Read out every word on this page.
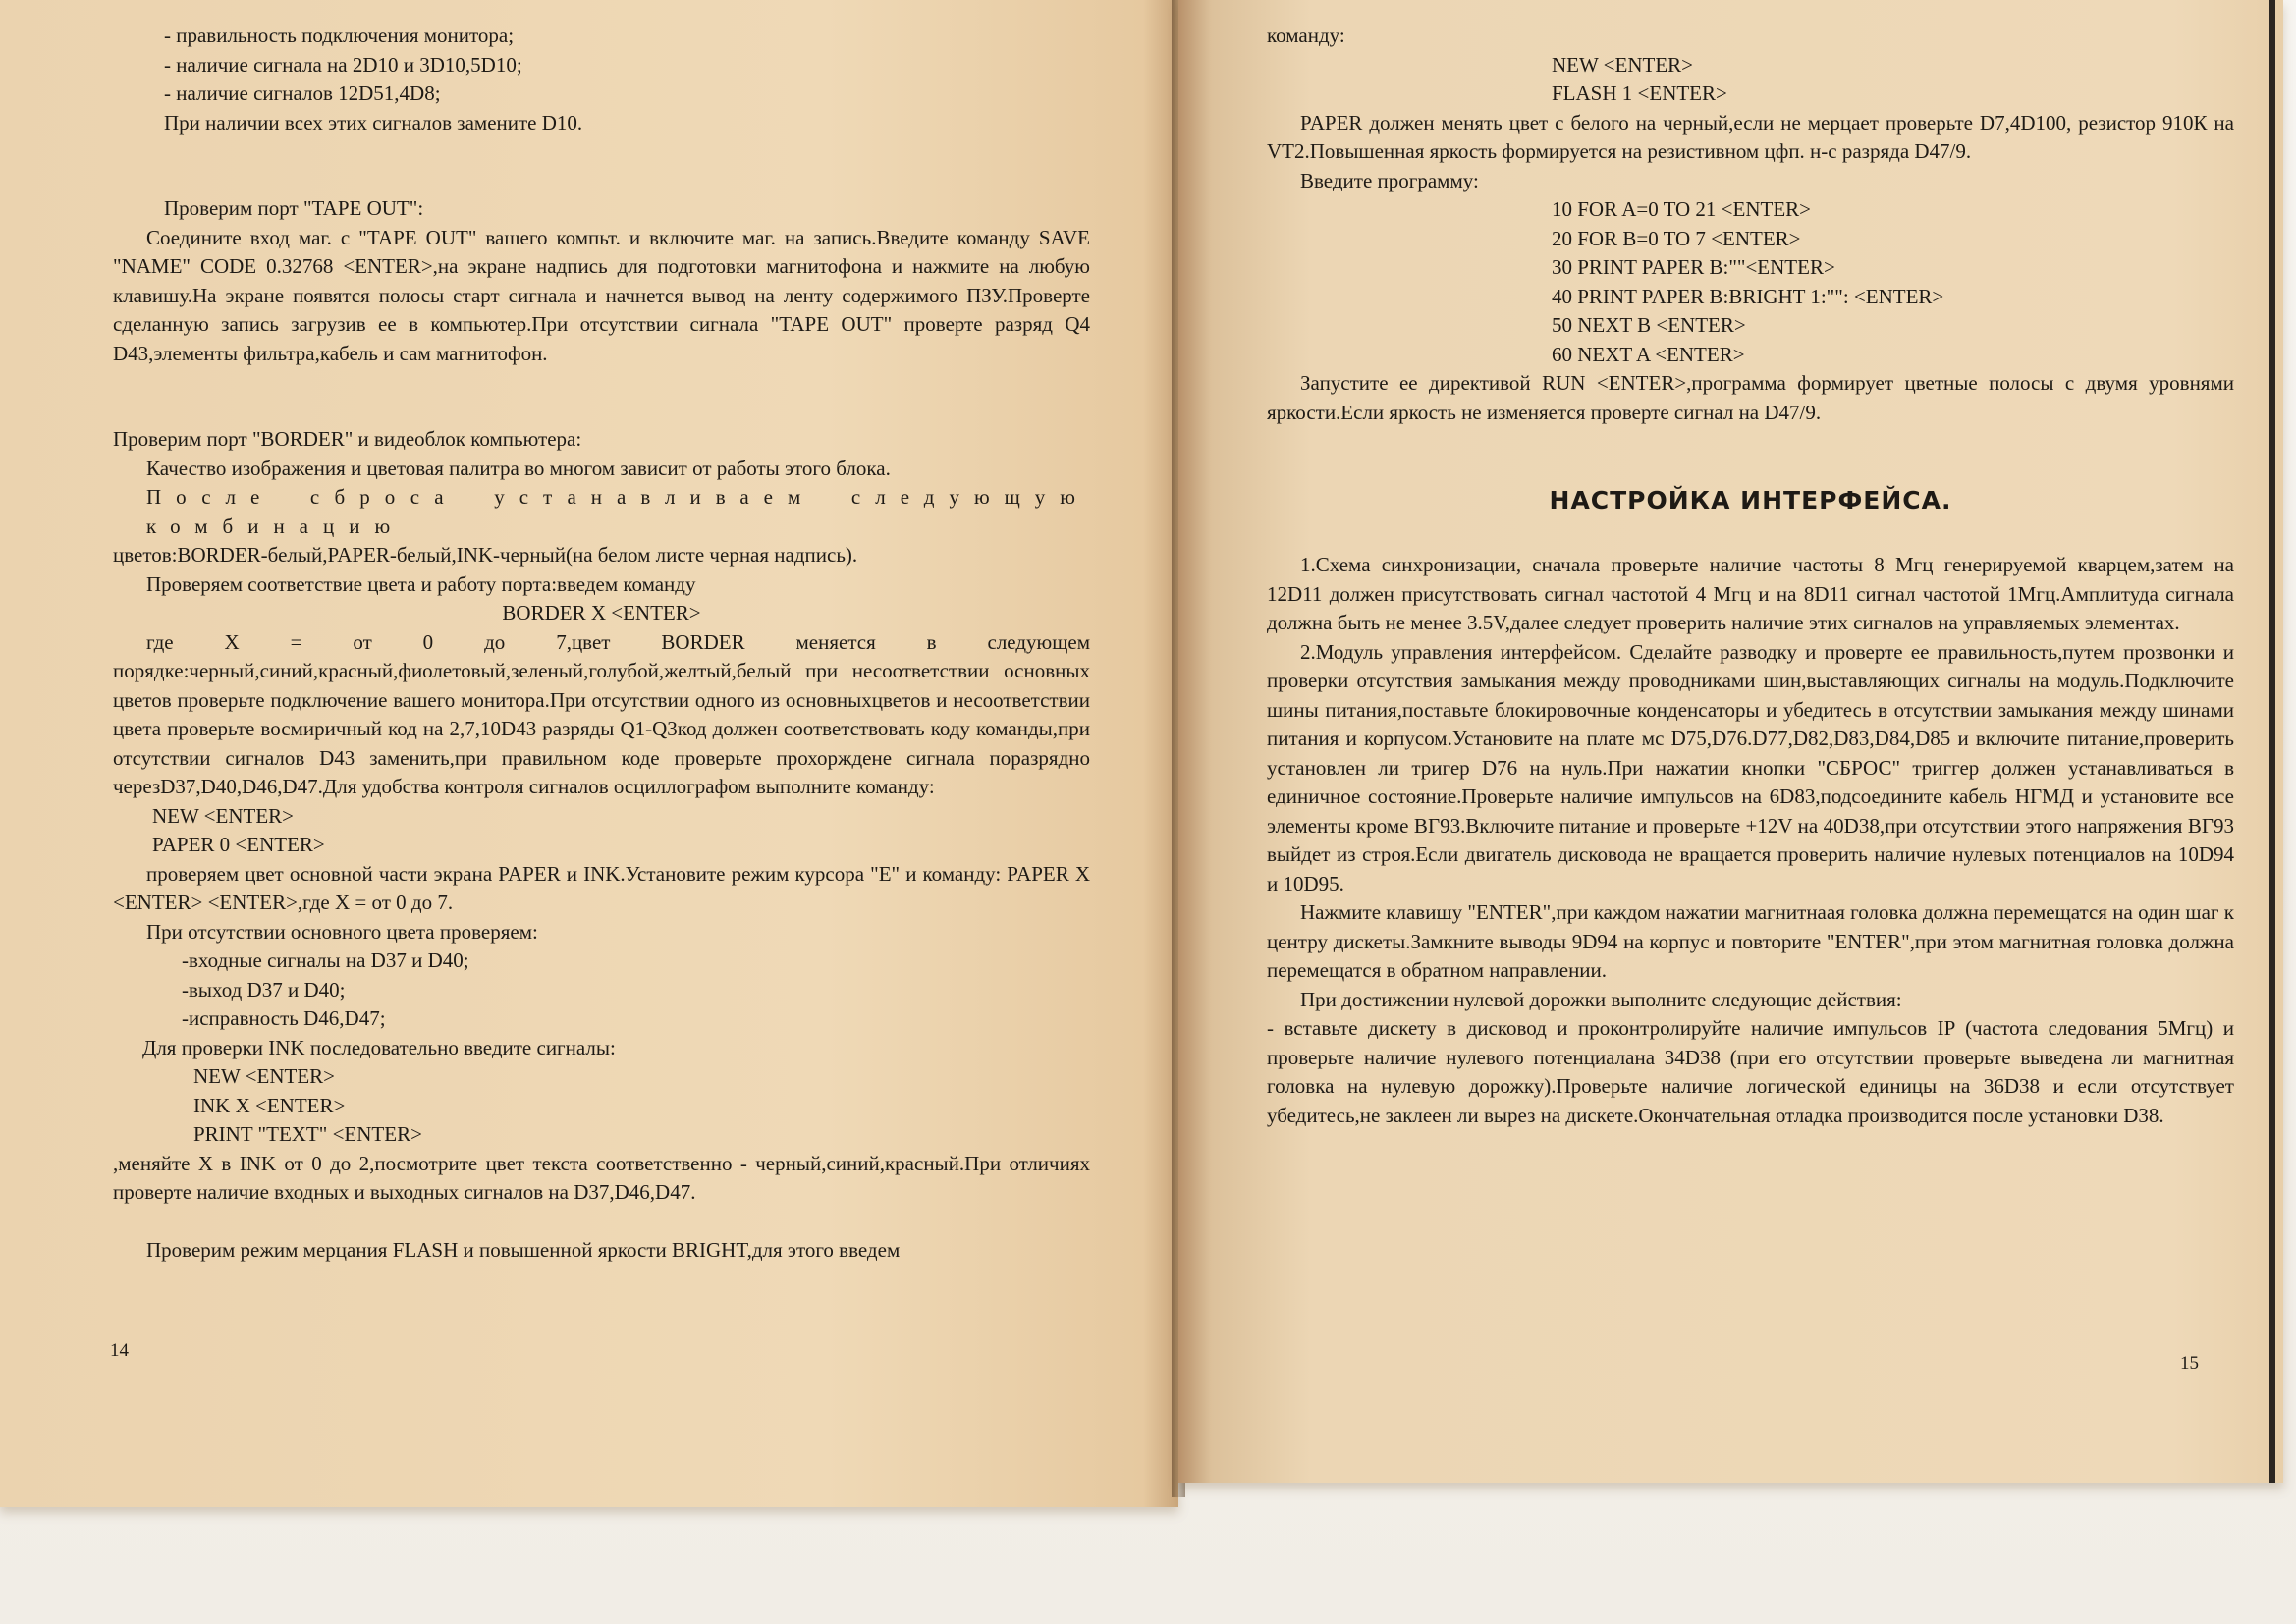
- правильность подключения монитора;

- наличие сигнала на 2D10 и 3D10,5D10;

- наличие сигналов 12D51,4D8;

При наличии всех этих сигналов замените D10.

Проверим порт "TAPE OUT":

Соедините вход маг. с "TAPE OUT" вашего компьт. и включите маг. на запись.Введите команду SAVE "NAME" CODE 0.32768 <ENTER>,на экране надпись для подготовки магнитофона и нажмите на любую клавишу.На экране появятся полосы старт сигнала и начнется вывод на ленту содержимого ПЗУ.Проверте сделанную запись загрузив ее в компьютер.При отсутствии сигнала "TAPE OUT" проверте разряд Q4 D43,элементы фильтра,кабель и сам магнитофон.

Проверим порт "BORDER" и видеоблок компьютера:

Качество изображения и цветовая палитра во многом зависит от работы этого блока.

После сброса устанавливаем следующую комбинацию

цветов:BORDER-белый,PAPER-белый,INK-черный(на белом листе черная надпись).

Проверяем соответствие цвета и работу порта:введем команду

BORDER X <ENTER>

где X = от 0 до 7,цвет BORDER меняется в следующем порядке:черный,синий,красный,фиолетовый,зеленый,голубой,желтый,белый при несоответствии основных цветов проверьте подключение вашего монитора.При отсутствии одного из основныхцветов и несоответствии цвета проверьте восмиричный код на 2,7,10D43 разряды Q1-Q3код должен соответствовать коду команды,при отсутствии сигналов D43 заменить,при правильном коде проверьте прохорждене сигнала поразрядно черезD37,D40,D46,D47.Для удобства контроля сигналов осциллографом выполните команду:

NEW <ENTER>

PAPER 0 <ENTER>

проверяем цвет основной части экрана PAPER и INK.Установите режим курсора "E" и команду: PAPER X <ENTER> <ENTER>,где X = от 0 до 7.

При отсутствии основного цвета проверяем:

-входные сигналы на D37 и D40;

-выход D37 и D40;

-исправность D46,D47;

Для проверки INK последовательно введите сигналы:

NEW <ENTER>

INK X <ENTER>

PRINT "TEXT" <ENTER>

,меняйте X в INK от 0 до 2,посмотрите цвет текста соответственно - черный,синий,красный.При отличиях проверте наличие входных и выходных сигналов на D37,D46,D47.

Проверим режим мерцания FLASH и повышенной яркости BRIGHT,для этого введем

14

команду:

NEW <ENTER>

FLASH 1 <ENTER>

PAPER должен менять цвет с белого на черный,если не мерцает проверьте D7,4D100, резистор 910К на VT2.Повышенная яркость формируется на резистивном цфп. н-с разряда D47/9.

Введите программу:

10 FOR A=0 TO 21 <ENTER>

20 FOR B=0 TO 7 <ENTER>

30 PRINT PAPER B:""<ENTER>

40 PRINT PAPER B:BRIGHT 1:"": <ENTER>

50 NEXT B <ENTER>

60 NEXT A <ENTER>

Запустите ее директивой RUN <ENTER>,программа формирует цветные полосы с двумя уровнями яркости.Если яркость не изменяется проверте сигнал на D47/9.

НАСТРОЙКА ИНТЕРФЕЙСА.

1.Схема синхронизации, сначала проверьте наличие частоты 8 Мгц генерируемой кварцем,затем на 12D11 должен присутствовать сигнал частотой 4 Мгц и на 8D11 сигнал частотой 1Мгц.Амплитуда сигнала должна быть не менее 3.5V,далее следует проверить наличие этих сигналов на управляемых элементах.

2.Модуль управления интерфейсом. Сделайте разводку и проверте ее правильность,путем прозвонки и проверки отсутствия замыкания между проводниками шин,выставляющих сигналы на модуль.Подключите шины питания,поставьте блокировочные конденсаторы и убедитесь в отсутствии замыкания между шинами питания и корпусом.Установите на плате мс D75,D76.D77,D82,D83,D84,D85 и включите питание,проверить установлен ли тригер D76 на нуль.При нажатии кнопки "СБРОС" триггер должен устанавливаться в единичное состояние.Проверьте наличие импульсов на 6D83,подсоедините кабель НГМД и установите все элементы кроме ВГ93.Включите питание и проверьте +12V на 40D38,при отсутствии этого напряжения ВГ93 выйдет из строя.Если двигатель дисковода не вращается проверить наличие нулевых потенциалов на 10D94 и 10D95.

Нажмите клавишу "ENTER",при каждом нажатии магнитнаая головка должна перемещатся на один шаг к центру дискеты.Замкните выводы 9D94 на корпус и повторите "ENTER",при этом магнитная головка должна перемещатся в обратном направлении.

При достижении нулевой дорожки выполните следующие действия:

- вставьте дискету в дисковод и проконтролируйте наличие импульсов IP (частота следования 5Мгц) и проверьте наличие нулевого потенциалана 34D38 (при его отсутствии проверьте выведена ли магнитная головка на нулевую дорожку).Проверьте наличие логической единицы на 36D38 и если отсутствует убедитесь,не заклеен ли вырез на дискете.Окончательная отладка производится после установки D38.

15
